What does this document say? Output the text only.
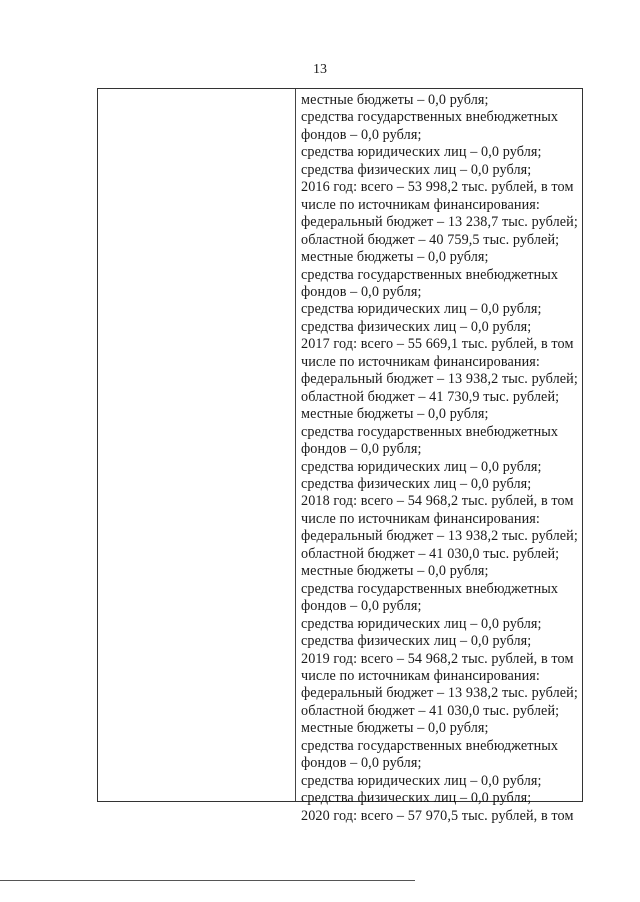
13
местные бюджеты – 0,0 рубля;
средства государственных внебюджетных
фондов – 0,0 рубля;
средства юридических лиц – 0,0 рубля;
средства физических лиц – 0,0 рубля;
2016 год: всего – 53 998,2 тыс. рублей, в том
числе по источникам финансирования:
федеральный бюджет – 13 238,7 тыс. рублей;
областной бюджет – 40 759,5 тыс. рублей;
местные бюджеты – 0,0 рубля;
средства государственных внебюджетных
фондов – 0,0 рубля;
средства юридических лиц – 0,0 рубля;
средства физических лиц – 0,0 рубля;
2017 год: всего – 55 669,1 тыс. рублей, в том
числе по источникам финансирования:
федеральный бюджет – 13 938,2 тыс. рублей;
областной бюджет – 41 730,9 тыс. рублей;
местные бюджеты – 0,0 рубля;
средства государственных внебюджетных
фондов – 0,0 рубля;
средства юридических лиц – 0,0 рубля;
средства физических лиц – 0,0 рубля;
2018 год: всего – 54 968,2 тыс. рублей, в том
числе по источникам финансирования:
федеральный бюджет – 13 938,2 тыс. рублей;
областной бюджет – 41 030,0 тыс. рублей;
местные бюджеты – 0,0 рубля;
средства государственных внебюджетных
фондов – 0,0 рубля;
средства юридических лиц – 0,0 рубля;
средства физических лиц – 0,0 рубля;
2019 год: всего – 54 968,2 тыс. рублей, в том
числе по источникам финансирования:
федеральный бюджет – 13 938,2 тыс. рублей;
областной бюджет – 41 030,0 тыс. рублей;
местные бюджеты – 0,0 рубля;
средства государственных внебюджетных
фондов – 0,0 рубля;
средства юридических лиц – 0,0 рубля;
средства физических лиц – 0,0 рубля;
2020 год: всего – 57 970,5 тыс. рублей, в том
